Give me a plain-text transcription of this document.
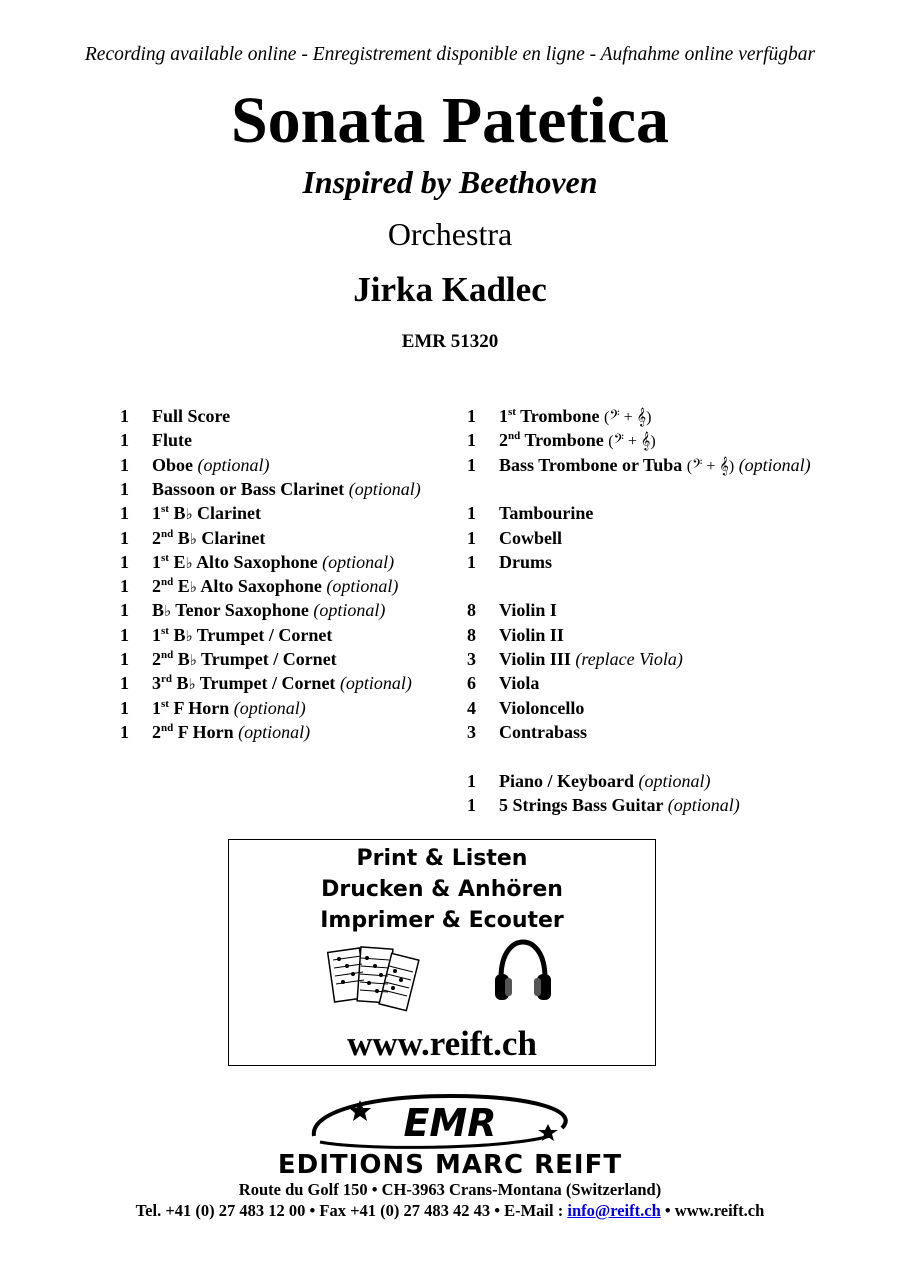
Recording available online - Enregistrement disponible en ligne - Aufnahme online verfügbar
Sonata Patetica
Inspired by Beethoven
Orchestra
Jirka Kadlec
EMR 51320
1 Full Score
1 Flute
1 Oboe (optional)
1 Bassoon or Bass Clarinet (optional)
1 1st B♭ Clarinet
1 2nd B♭ Clarinet
1 1st E♭ Alto Saxophone (optional)
1 2nd E♭ Alto Saxophone (optional)
1 B♭ Tenor Saxophone (optional)
1 1st B♭ Trumpet / Cornet
1 2nd B♭ Trumpet / Cornet
1 3rd B♭ Trumpet / Cornet (optional)
1 1st F Horn (optional)
1 2nd F Horn (optional)
1 1st Trombone (𝄢 + 𝄞)
1 2nd Trombone (𝄢 + 𝄞)
1 Bass Trombone or Tuba (𝄢 + 𝄞) (optional)
1 Tambourine
1 Cowbell
1 Drums
8 Violin I
8 Violin II
3 Violin III (replace Viola)
6 Viola
4 Violoncello
3 Contrabass
1 Piano / Keyboard (optional)
1 5 Strings Bass Guitar (optional)
Print & Listen
Drucken & Anhören
Imprimer & Ecouter
www.reift.ch
EMR
EDITIONS MARC REIFT
Route du Golf 150 • CH-3963 Crans-Montana (Switzerland)
Tel. +41 (0) 27 483 12 00 • Fax +41 (0) 27 483 42 43 • E-Mail : info@reift.ch • www.reift.ch
